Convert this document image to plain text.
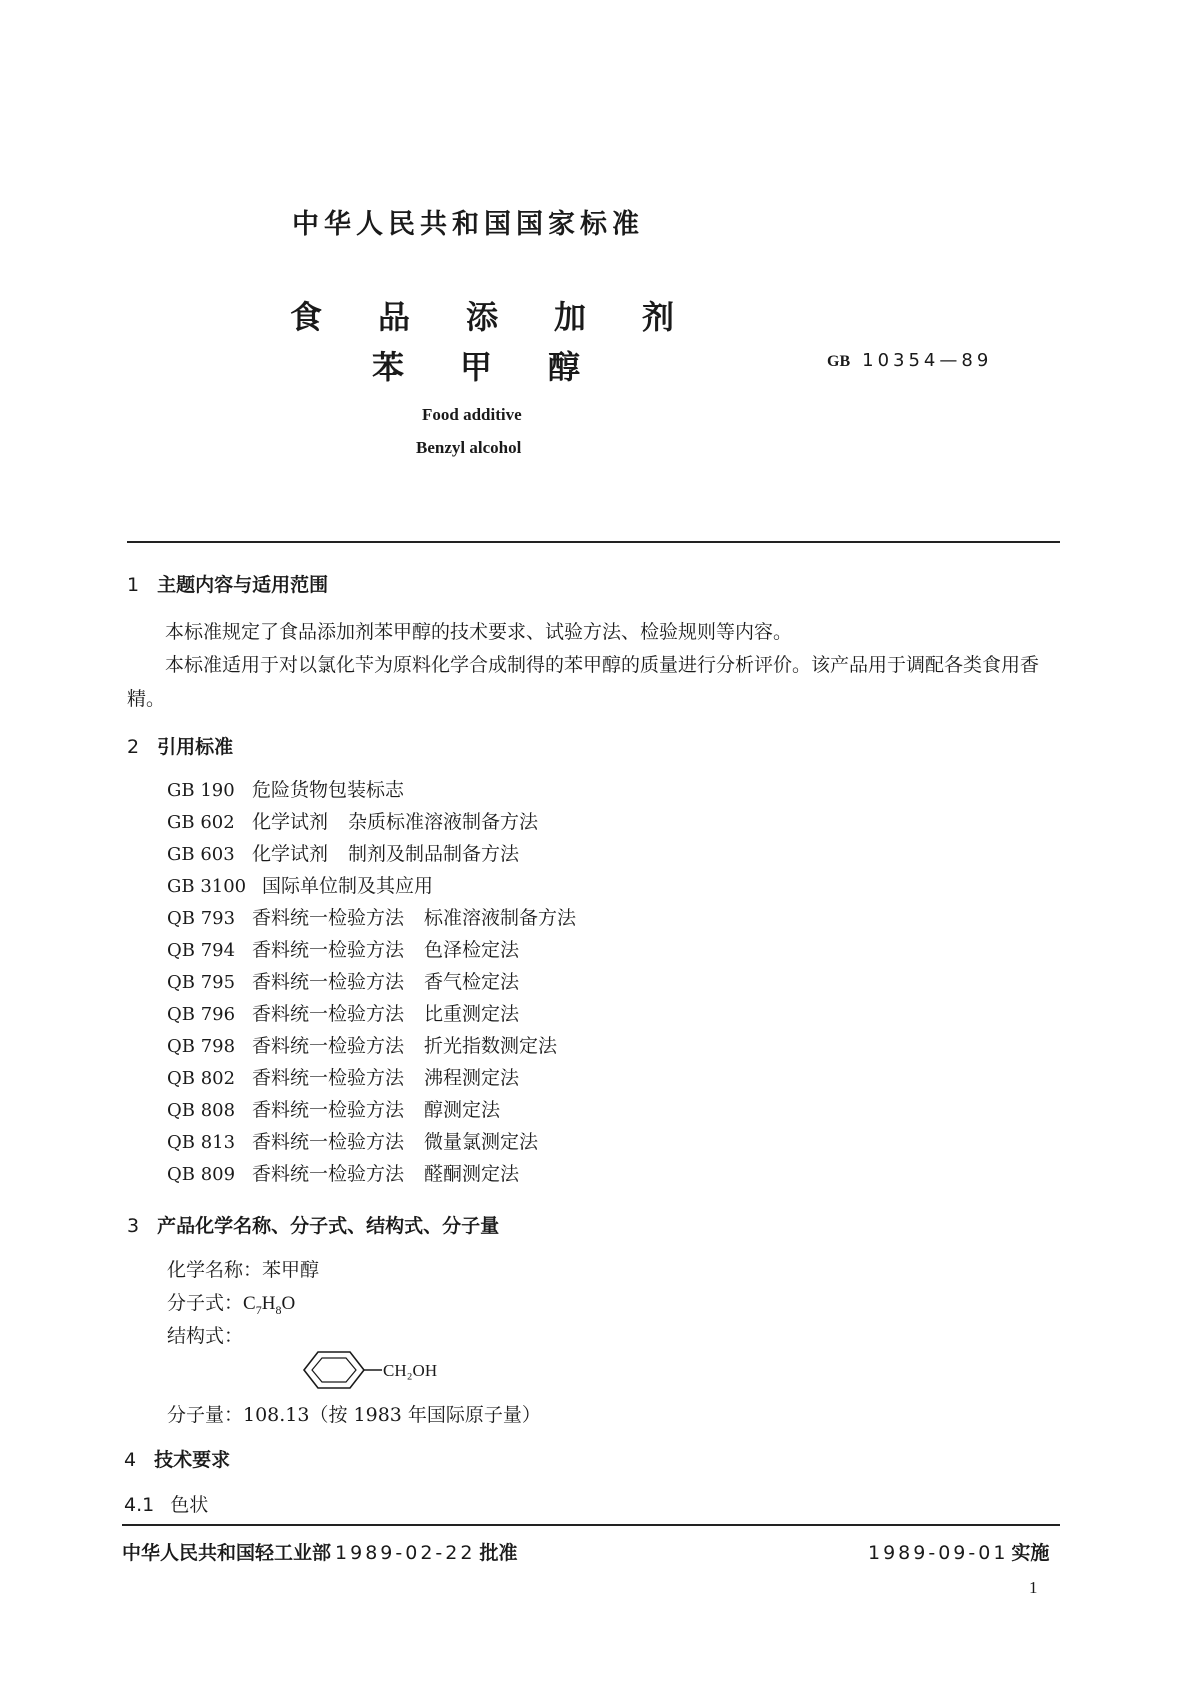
中华人民共和国国家标准
食品添加剂
苯甲醇	GB 10354—89
Food additive
Benzyl alcohol
1 主题内容与适用范围
本标准规定了食品添加剂苯甲醇的技术要求、试验方法、检验规则等内容。
本标准适用于对以氯化苄为原料化学合成制得的苯甲醇的质量进行分析评价。该产品用于调配各类食用香精。
2 引用标准
GB 190 危险货物包装标志
GB 602 化学试剂 杂质标准溶液制备方法
GB 603 化学试剂 制剂及制品制备方法
GB 3100 国际单位制及其应用
QB 793 香料统一检验方法 标准溶液制备方法
QB 794 香料统一检验方法 色泽检定法
QB 795 香料统一检验方法 香气检定法
QB 796 香料统一检验方法 比重测定法
QB 798 香料统一检验方法 折光指数测定法
QB 802 香料统一检验方法 沸程测定法
QB 808 香料统一检验方法 醇测定法
QB 813 香料统一检验方法 微量氯测定法
QB 809 香料统一检验方法 醛酮测定法
3 产品化学名称、分子式、结构式、分子量
化学名称：苯甲醇
分子式：$C_7H_8O$
结构式：
CH₂OH
分子量：108.13（按 1983 年国际原子量）
4 技术要求
4.1 色状
中华人民共和国轻工业部 1989-02-22 批准	1989-09-01 实施
1
